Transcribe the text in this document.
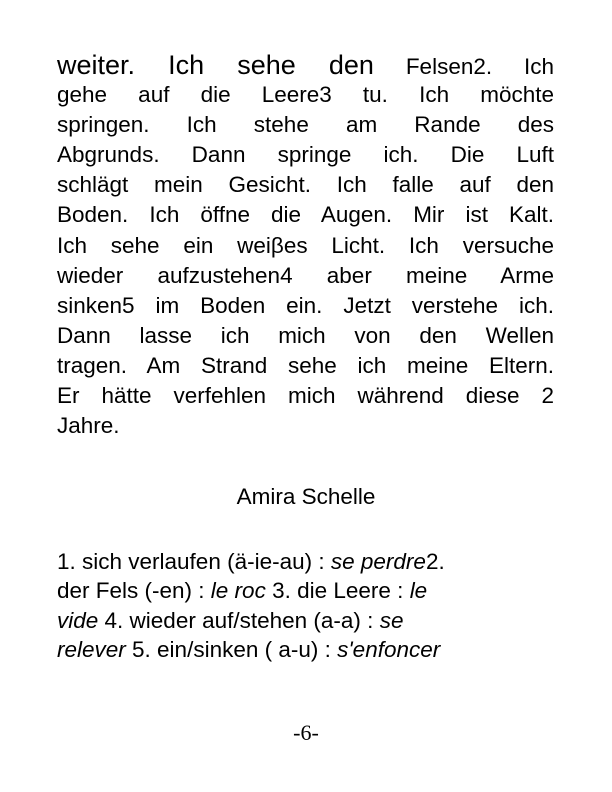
weiter. Ich sehe den Felsen2. Ich
gehe auf die Leere3 tu. Ich möchte
springen. Ich stehe am Rande des
Abgrunds. Dann springe ich. Die Luft
schlägt mein Gesicht. Ich falle auf den
Boden. Ich öffne die Augen. Mir ist Kalt.
Ich sehe ein weiβes Licht. Ich versuche
wieder aufzustehen4 aber meine Arme
sinken5 im Boden ein. Jetzt verstehe ich.
Dann lasse ich mich von den Wellen
tragen. Am Strand sehe ich meine Eltern.
Er hätte verfehlen mich während diese 2
Jahre.

Amira Schelle

1. sich verlaufen (ä-ie-au) : se perdre2.
der Fels (-en) : le roc 3. die Leere : le
vide 4. wieder auf/stehen (a-a) : se
relever 5. ein/sinken ( a-u) : s'enfoncer

-6-
